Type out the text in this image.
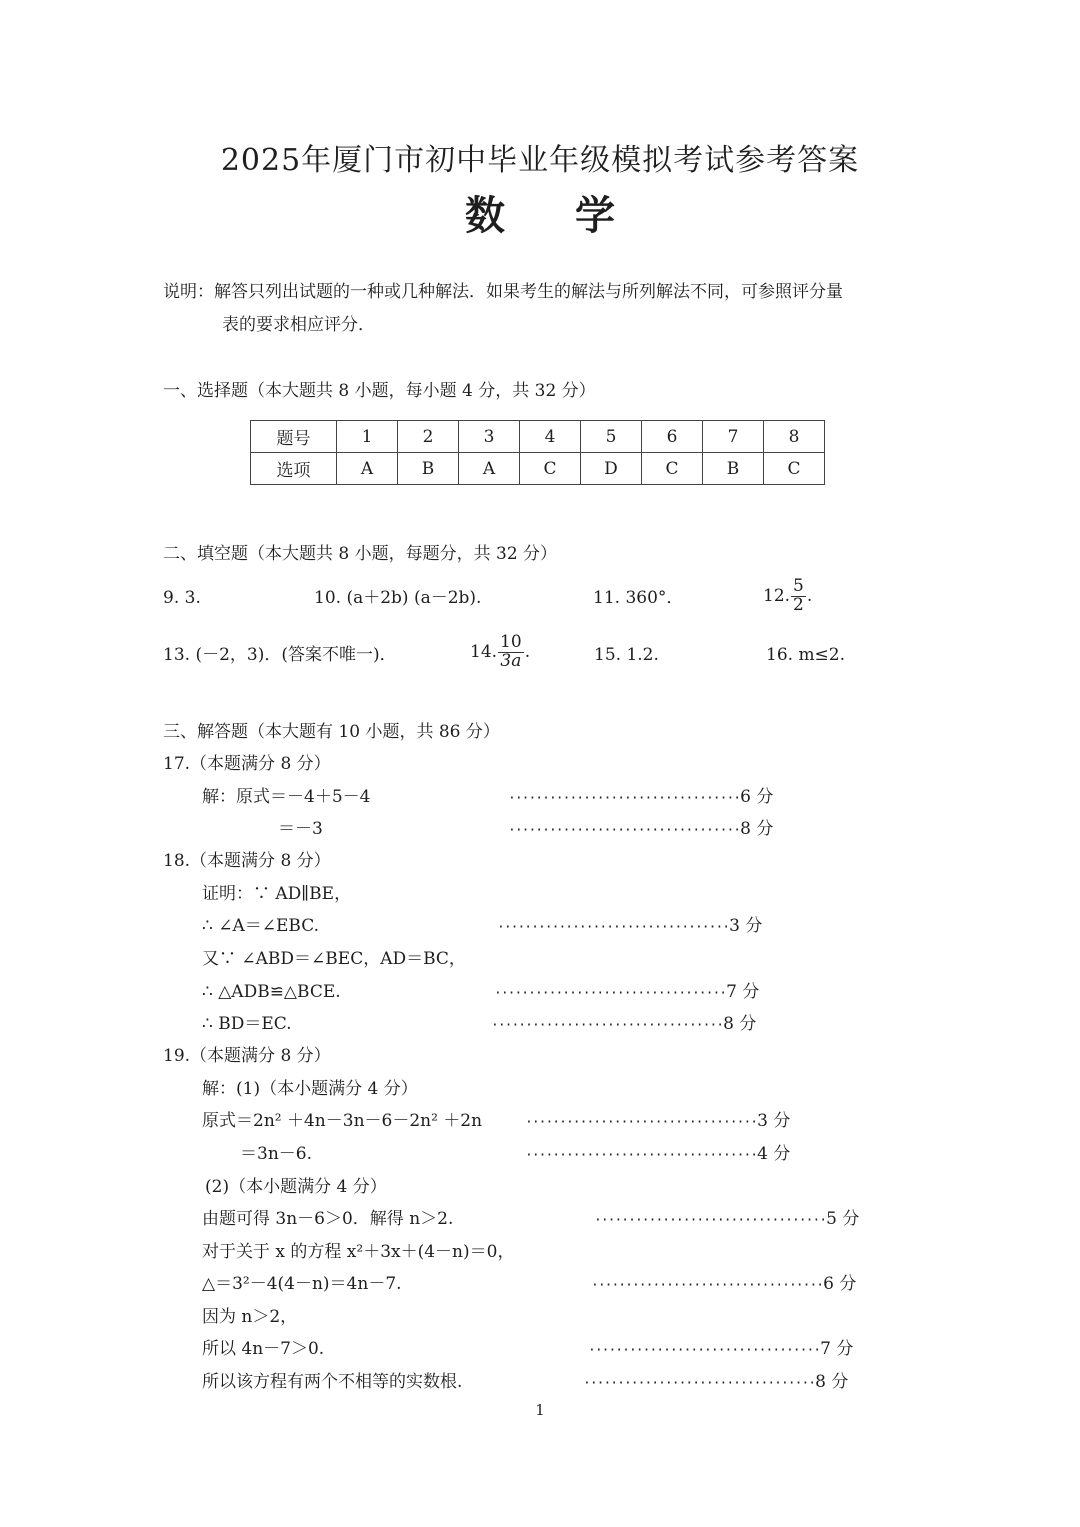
2025年厦门市初中毕业年级模拟考试参考答案
数学
说明：解答只列出试题的一种或几种解法．如果考生的解法与所列解法不同，可参照评分量
表的要求相应评分．
一、选择题（本大题共 8 小题，每小题 4 分，共 32 分）
题号	1	2	3	4	5	6	7	8
选项	A	B	A	C	D	C	B	C
二、填空题（本大题共 8 小题，每题分，共 32 分）
9. 3.	10. (a＋2b) (a－2b).	11. 360°．	12. $\frac{5}{2}$ .
13. (－2，3)．(答案不唯一)．	14. $\frac{10}{3a}$ .	15. 1.2.	16. m≤2.
三、解答题（本大题有 10 小题，共 86 分）
17.（本题满分 8 分）
解：原式＝－4＋5－4	··································6 分
＝－3	··································8 分
18.（本题满分 8 分）
证明：∵ AD∥BE，
∴ ∠A＝∠EBC.	··································3 分
又∵ ∠ABD＝∠BEC，AD＝BC，
∴ △ADB≌△BCE.	··································7 分
∴ BD＝EC.	··································8 分
19.（本题满分 8 分）
解：(1)（本小题满分 4 分）
原式＝2n² ＋4n－3n－6－2n² ＋2n	··································3 分
＝3n－6.	··································4 分
(2)（本小题满分 4 分）
由题可得 3n－6＞0．解得 n＞2.	··································5 分
对于关于 x 的方程 x²＋3x＋(4－n)＝0，
△＝3²－4(4－n)＝4n－7.	··································6 分
因为 n＞2，
所以 4n－7＞0.	··································7 分
所以该方程有两个不相等的实数根.	··································8 分
1
